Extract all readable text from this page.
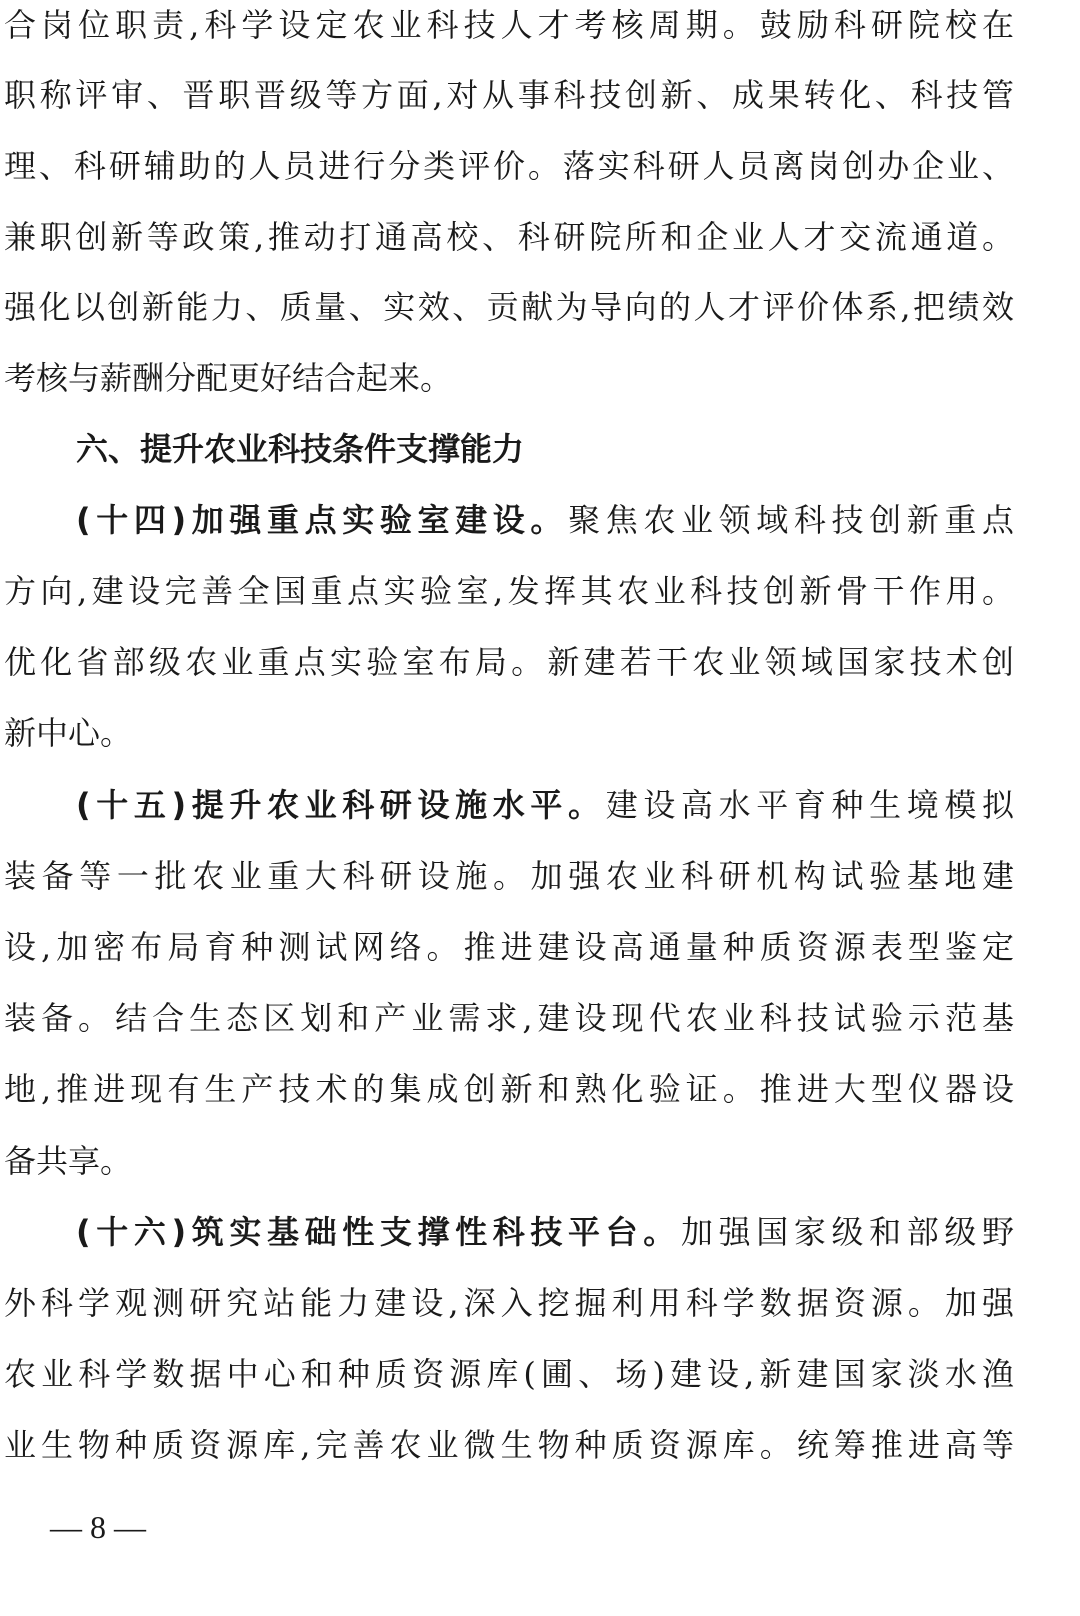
合岗位职责,科学设定农业科技人才考核周期。鼓励科研院校在
职称评审、晋职晋级等方面,对从事科技创新、成果转化、科技管
理、科研辅助的人员进行分类评价。落实科研人员离岗创办企业、
兼职创新等政策,推动打通高校、科研院所和企业人才交流通道。
强化以创新能力、质量、实效、贡献为导向的人才评价体系,把绩效
考核与薪酬分配更好结合起来。
六、提升农业科技条件支撑能力
(十四)加强重点实验室建设。聚焦农业领域科技创新重点
方向,建设完善全国重点实验室,发挥其农业科技创新骨干作用。
优化省部级农业重点实验室布局。新建若干农业领域国家技术创
新中心。
(十五)提升农业科研设施水平。建设高水平育种生境模拟
装备等一批农业重大科研设施。加强农业科研机构试验基地建
设,加密布局育种测试网络。推进建设高通量种质资源表型鉴定
装备。结合生态区划和产业需求,建设现代农业科技试验示范基
地,推进现有生产技术的集成创新和熟化验证。推进大型仪器设
备共享。
(十六)筑实基础性支撑性科技平台。加强国家级和部级野
外科学观测研究站能力建设,深入挖掘利用科学数据资源。加强
农业科学数据中心和种质资源库(圃、场)建设,新建国家淡水渔
业生物种质资源库,完善农业微生物种质资源库。统筹推进高等
— 8 —
